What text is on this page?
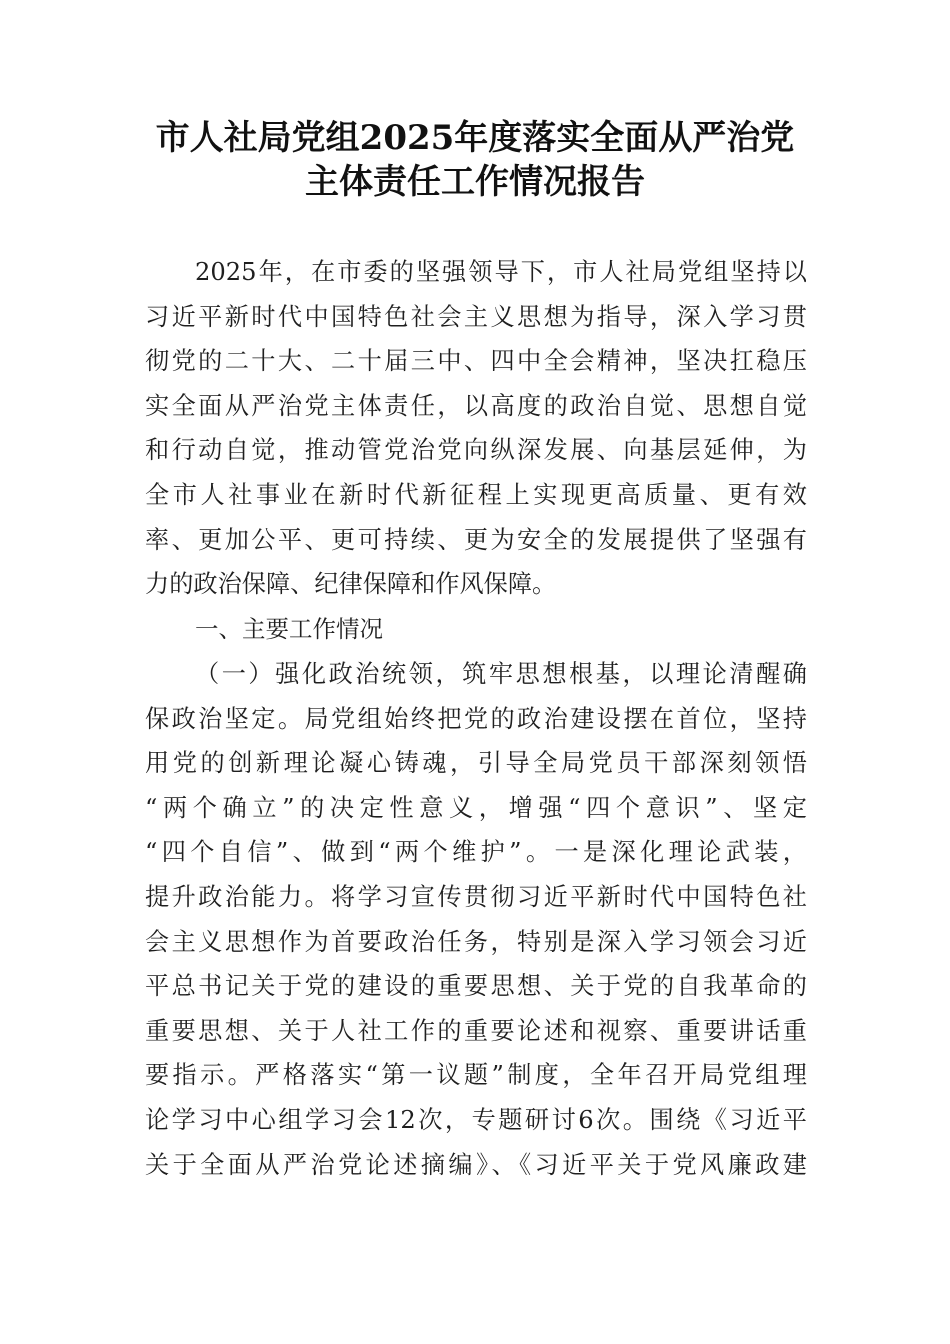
市人社局党组2025年度落实全面从严治党
主体责任工作情况报告
2025年，在市委的坚强领导下，市人社局党组坚持以
习近平新时代中国特色社会主义思想为指导，深入学习贯
彻党的二十大、二十届三中、四中全会精神，坚决扛稳压
实全面从严治党主体责任，以高度的政治自觉、思想自觉
和行动自觉，推动管党治党向纵深发展、向基层延伸，为
全市人社事业在新时代新征程上实现更高质量、更有效
率、更加公平、更可持续、更为安全的发展提供了坚强有
力的政治保障、纪律保障和作风保障。
一、主要工作情况
（一）强化政治统领，筑牢思想根基，以理论清醒确
保政治坚定。局党组始终把党的政治建设摆在首位，坚持
用党的创新理论凝心铸魂，引导全局党员干部深刻领悟
“两个确立”的决定性意义，增强“四个意识”、坚定
“四个自信”、做到“两个维护”。一是深化理论武装，
提升政治能力。将学习宣传贯彻习近平新时代中国特色社
会主义思想作为首要政治任务，特别是深入学习领会习近
平总书记关于党的建设的重要思想、关于党的自我革命的
重要思想、关于人社工作的重要论述和视察、重要讲话重
要指示。严格落实“第一议题”制度，全年召开局党组理
论学习中心组学习会12次，专题研讨6次。围绕《习近平
关于全面从严治党论述摘编》、《习近平关于党风廉政建
